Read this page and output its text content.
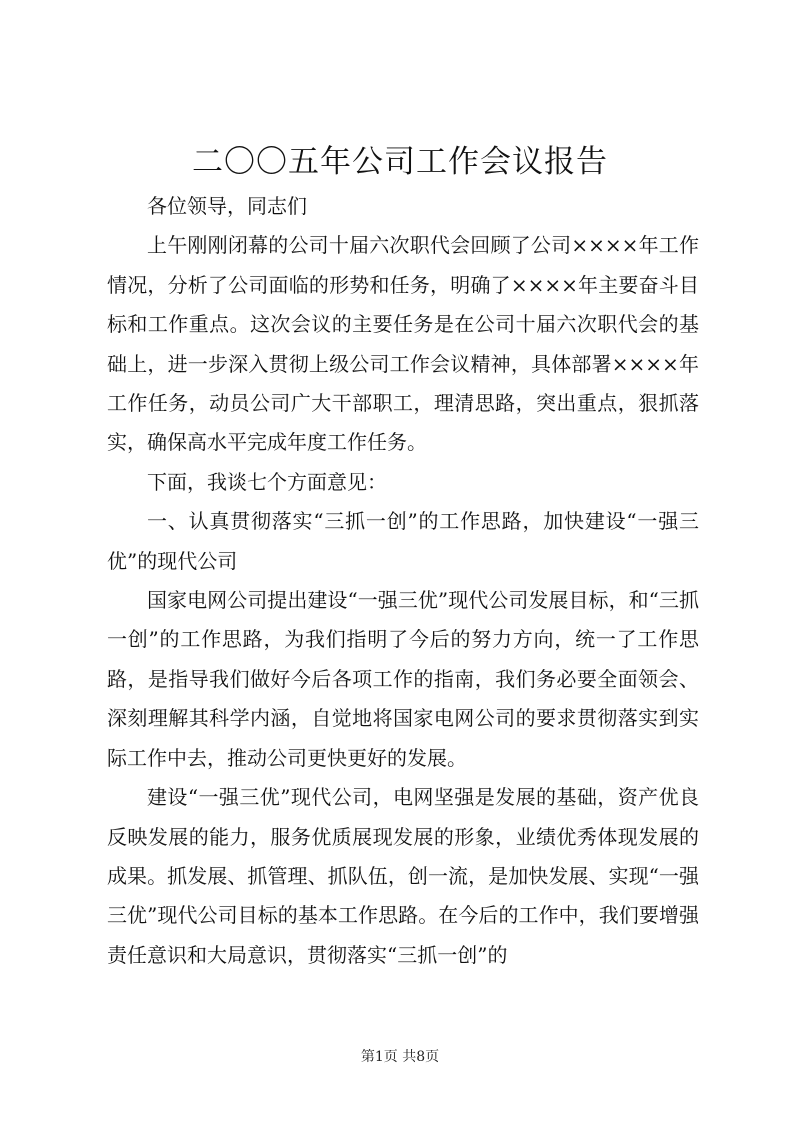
二〇〇五年公司工作会议报告

各位领导，同志们

上午刚刚闭幕的公司十届六次职代会回顾了公司××××年工作情况，分析了公司面临的形势和任务，明确了××××年主要奋斗目标和工作重点。这次会议的主要任务是在公司十届六次职代会的基础上，进一步深入贯彻上级公司工作会议精神，具体部署××××年工作任务，动员公司广大干部职工，理清思路，突出重点，狠抓落实，确保高水平完成年度工作任务。

下面，我谈七个方面意见：

一、认真贯彻落实“三抓一创”的工作思路，加快建设“一强三优”的现代公司

国家电网公司提出建设“一强三优”现代公司发展目标，和“三抓一创”的工作思路，为我们指明了今后的努力方向，统一了工作思路，是指导我们做好今后各项工作的指南，我们务必要全面领会、深刻理解其科学内涵，自觉地将国家电网公司的要求贯彻落实到实际工作中去，推动公司更快更好的发展。

建设“一强三优”现代公司，电网坚强是发展的基础，资产优良反映发展的能力，服务优质展现发展的形象，业绩优秀体现发展的成果。抓发展、抓管理、抓队伍，创一流，是加快发展、实现“一强三优”现代公司目标的基本工作思路。在今后的工作中，我们要增强责任意识和大局意识，贯彻落实“三抓一创”的

第1页 共8页
